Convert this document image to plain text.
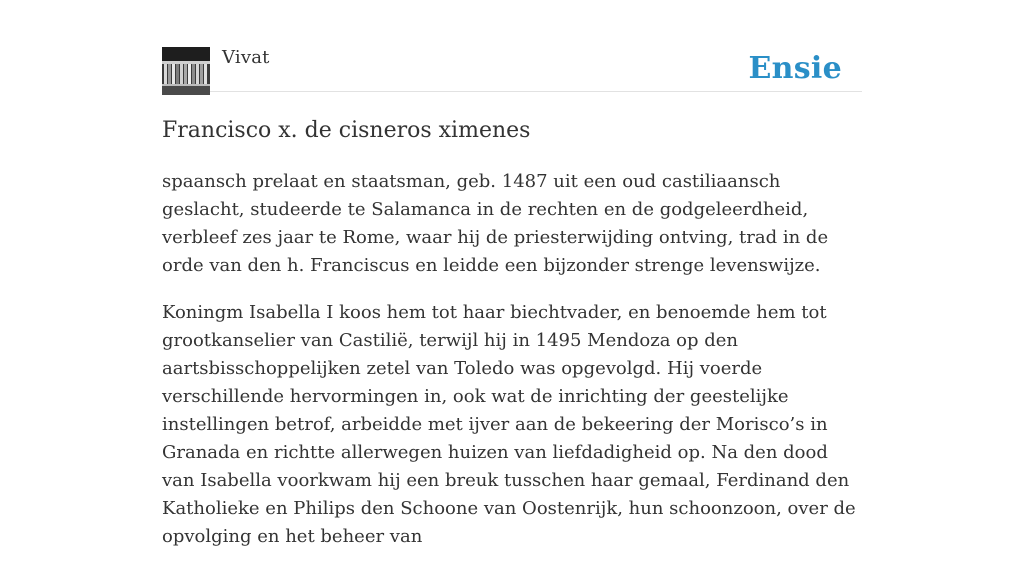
Vivat	Ensie
Francisco x. de cisneros ximenes

spaansch prelaat en staatsman, geb. 1487 uit een oud castiliaansch geslacht, studeerde te Salamanca in de rechten en de godgeleerdheid, verbleef zes jaar te Rome, waar hij de priesterwijding ontving, trad in de orde van den h. Franciscus en leidde een bijzonder strenge levenswijze.

Koningm Isabella I koos hem tot haar biechtvader, en benoemde hem tot grootkanselier van Castilië, terwijl hij in 1495 Mendoza op den aartsbisschoppelijken zetel van Toledo was opgevolgd. Hij voerde verschillende hervormingen in, ook wat de inrichting der geestelijke instellingen betrof, arbeidde met ijver aan de bekeering der Morisco’s in Granada en richtte allerwegen huizen van liefdadigheid op. Na den dood van Isabella voorkwam hij een breuk tusschen haar gemaal, Ferdinand den Katholieke en Philips den Schoone van Oostenrijk, hun schoonzoon, over de opvolging en het beheer van
